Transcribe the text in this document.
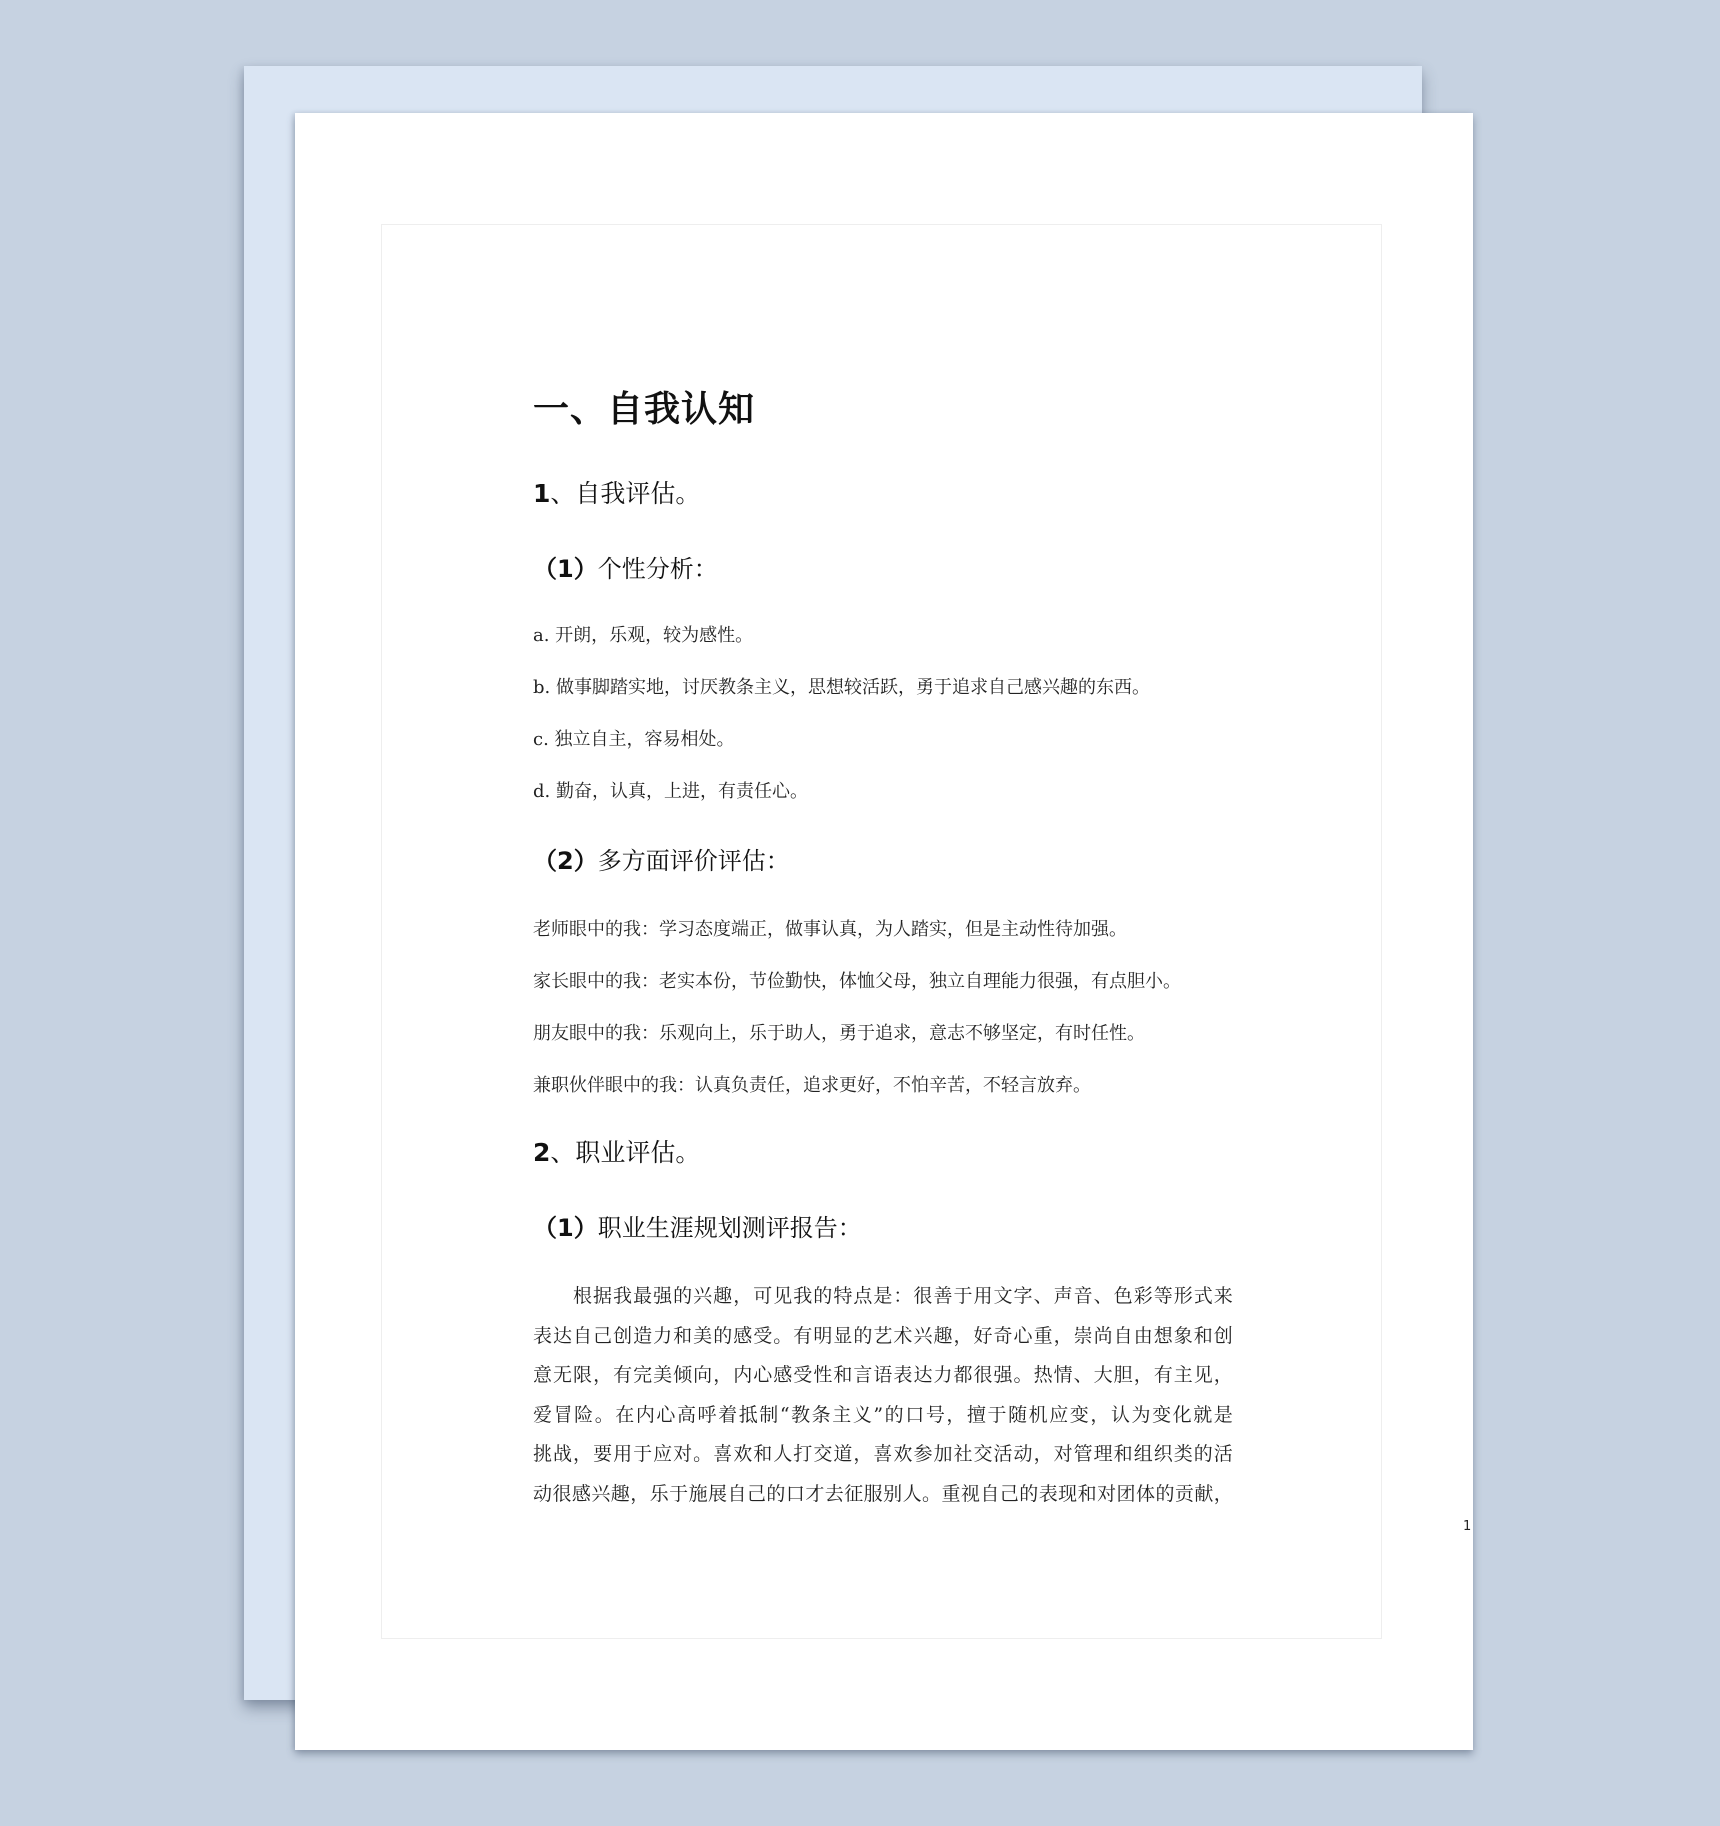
一、自我认知
1、自我评估。
（1）个性分析：
a. 开朗，乐观，较为感性。
b. 做事脚踏实地，讨厌教条主义，思想较活跃，勇于追求自己感兴趣的东西。
c. 独立自主，容易相处。
d. 勤奋，认真，上进，有责任心。
（2）多方面评价评估：
老师眼中的我：学习态度端正，做事认真，为人踏实，但是主动性待加强。
家长眼中的我：老实本份，节俭勤快，体恤父母，独立自理能力很强，有点胆小。
朋友眼中的我：乐观向上，乐于助人，勇于追求，意志不够坚定，有时任性。
兼职伙伴眼中的我：认真负责任，追求更好，不怕辛苦，不轻言放弃。
2、职业评估。
（1）职业生涯规划测评报告：
根据我最强的兴趣，可见我的特点是：很善于用文字、声音、色彩等形式来
表达自己创造力和美的感受。有明显的艺术兴趣，好奇心重，崇尚自由想象和创
意无限，有完美倾向，内心感受性和言语表达力都很强。热情、大胆，有主见，
爱冒险。在内心高呼着抵制“教条主义”的口号，擅于随机应变，认为变化就是
挑战，要用于应对。喜欢和人打交道，喜欢参加社交活动，对管理和组织类的活
动很感兴趣，乐于施展自己的口才去征服别人。重视自己的表现和对团体的贡献，
1
